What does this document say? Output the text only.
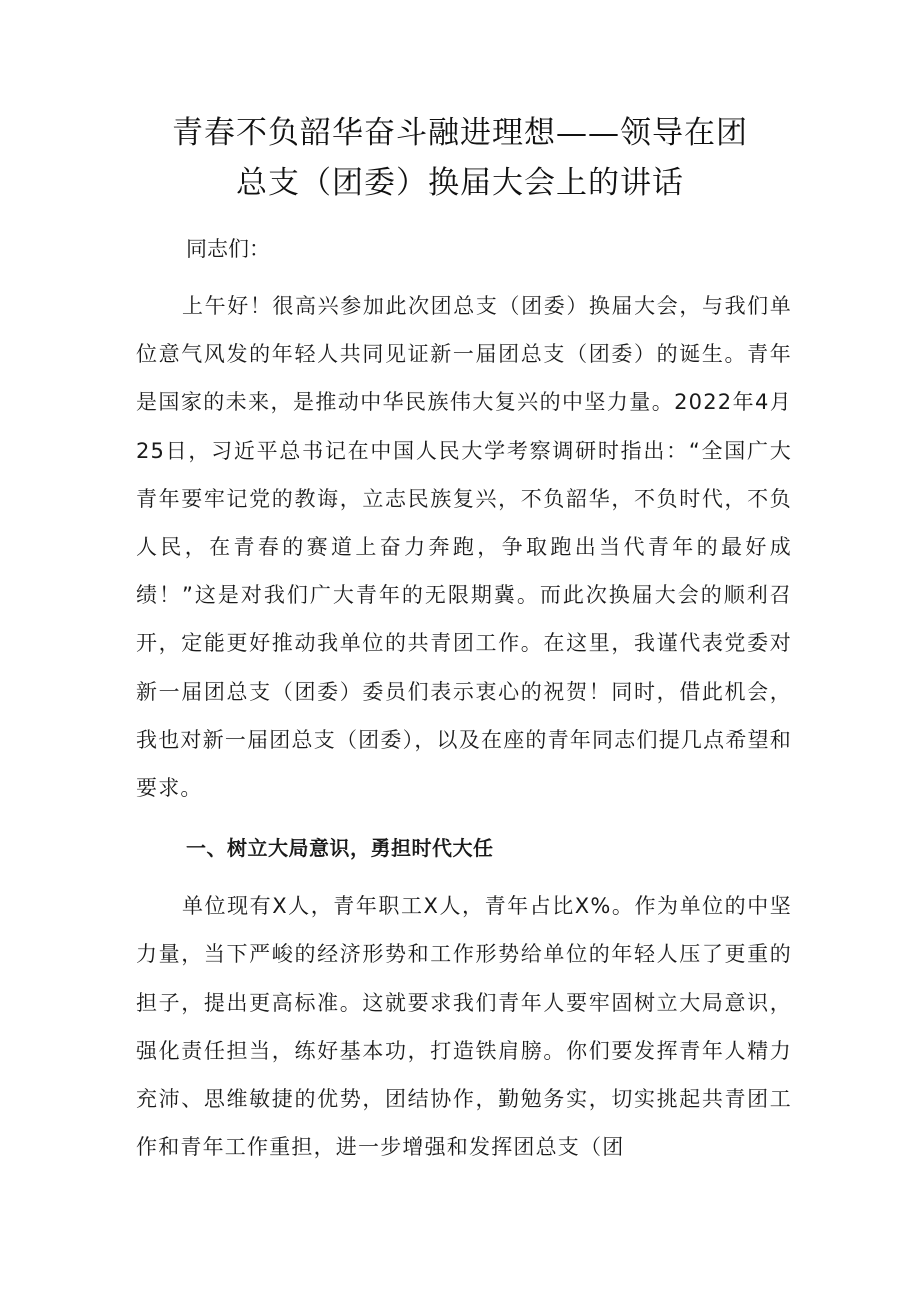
青春不负韶华奋斗融进理想——领导在团
总支（团委）换届大会上的讲话

同志们：

上午好！很高兴参加此次团总支（团委）换届大会，与我们单位意气风发的年轻人共同见证新一届团总支（团委）的诞生。青年是国家的未来，是推动中华民族伟大复兴的中坚力量。2022年4月25日，习近平总书记在中国人民大学考察调研时指出：“全国广大青年要牢记党的教诲，立志民族复兴，不负韶华，不负时代，不负人民，在青春的赛道上奋力奔跑，争取跑出当代青年的最好成绩！”这是对我们广大青年的无限期冀。而此次换届大会的顺利召开，定能更好推动我单位的共青团工作。在这里，我谨代表党委对新一届团总支（团委）委员们表示衷心的祝贺！同时，借此机会，我也对新一届团总支（团委），以及在座的青年同志们提几点希望和要求。

一、树立大局意识，勇担时代大任

单位现有X人，青年职工X人，青年占比X%。作为单位的中坚力量，当下严峻的经济形势和工作形势给单位的年轻人压了更重的担子，提出更高标准。这就要求我们青年人要牢固树立大局意识，强化责任担当，练好基本功，打造铁肩膀。你们要发挥青年人精力充沛、思维敏捷的优势，团结协作，勤勉务实，切实挑起共青团工作和青年工作重担，进一步增强和发挥团总支（团
